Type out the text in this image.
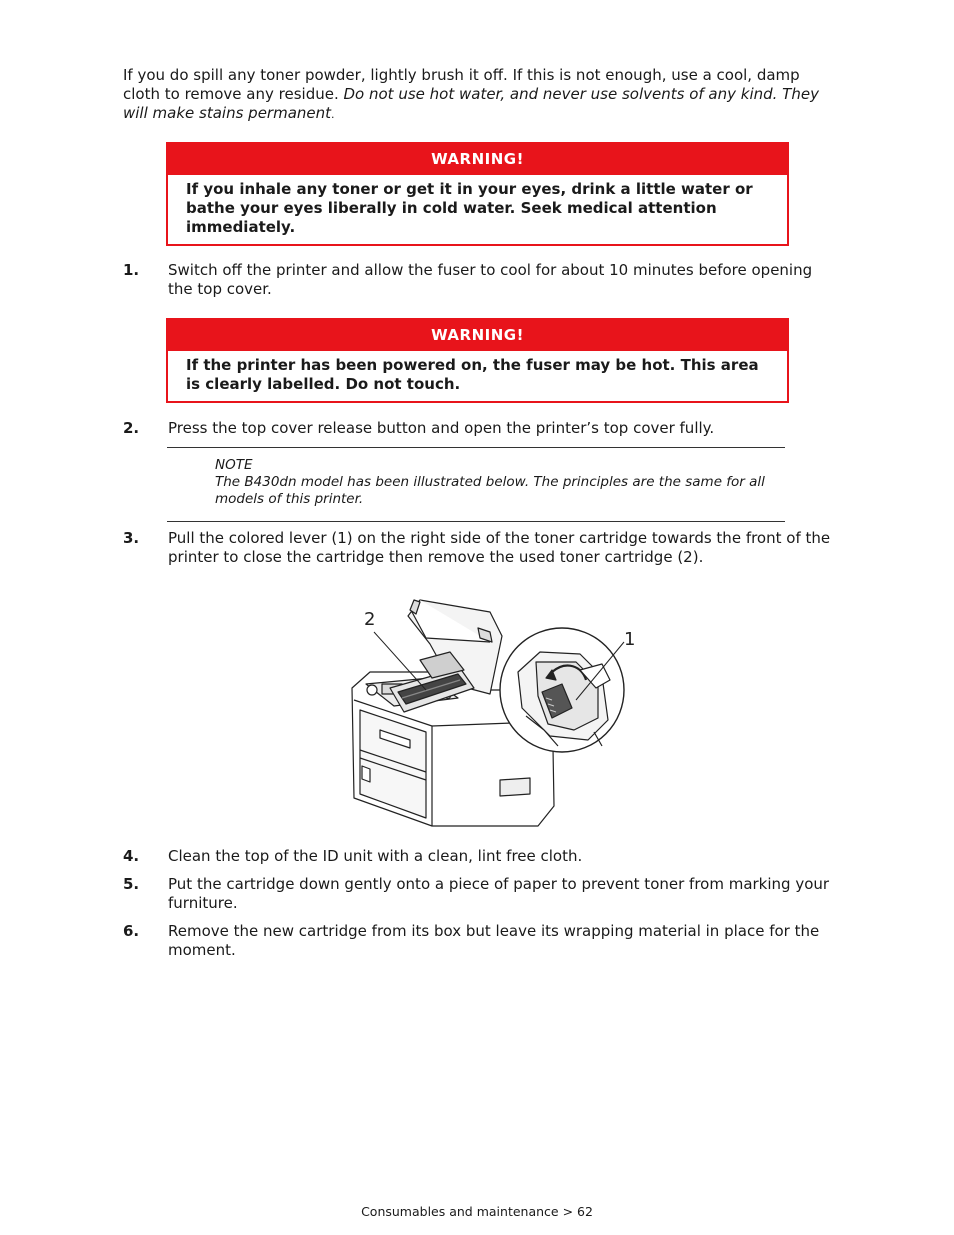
If you do spill any toner powder, lightly brush it off. If this is not enough, use a cool, damp cloth to remove any residue. Do not use hot water, and never use solvents of any kind. They will make stains permanent.

WARNING!
If you inhale any toner or get it in your eyes, drink a little water or bathe your eyes liberally in cold water. Seek medical attention immediately.
1. Switch off the printer and allow the fuser to cool for about 10 minutes before opening the top cover.
WARNING!
If the printer has been powered on, the fuser may be hot. This area is clearly labelled. Do not touch.
2. Press the top cover release button and open the printer’s top cover fully.
NOTE
The B430dn model has been illustrated below. The principles are the same for all models of this printer.
3. Pull the colored lever (1) on the right side of the toner cartridge towards the front of the printer to close the cartridge then remove the used toner cartridge (2).
2
1
4. Clean the top of the ID unit with a clean, lint free cloth.
5. Put the cartridge down gently onto a piece of paper to prevent toner from marking your furniture.
6. Remove the new cartridge from its box but leave its wrapping material in place for the moment.
Consumables and maintenance > 62
